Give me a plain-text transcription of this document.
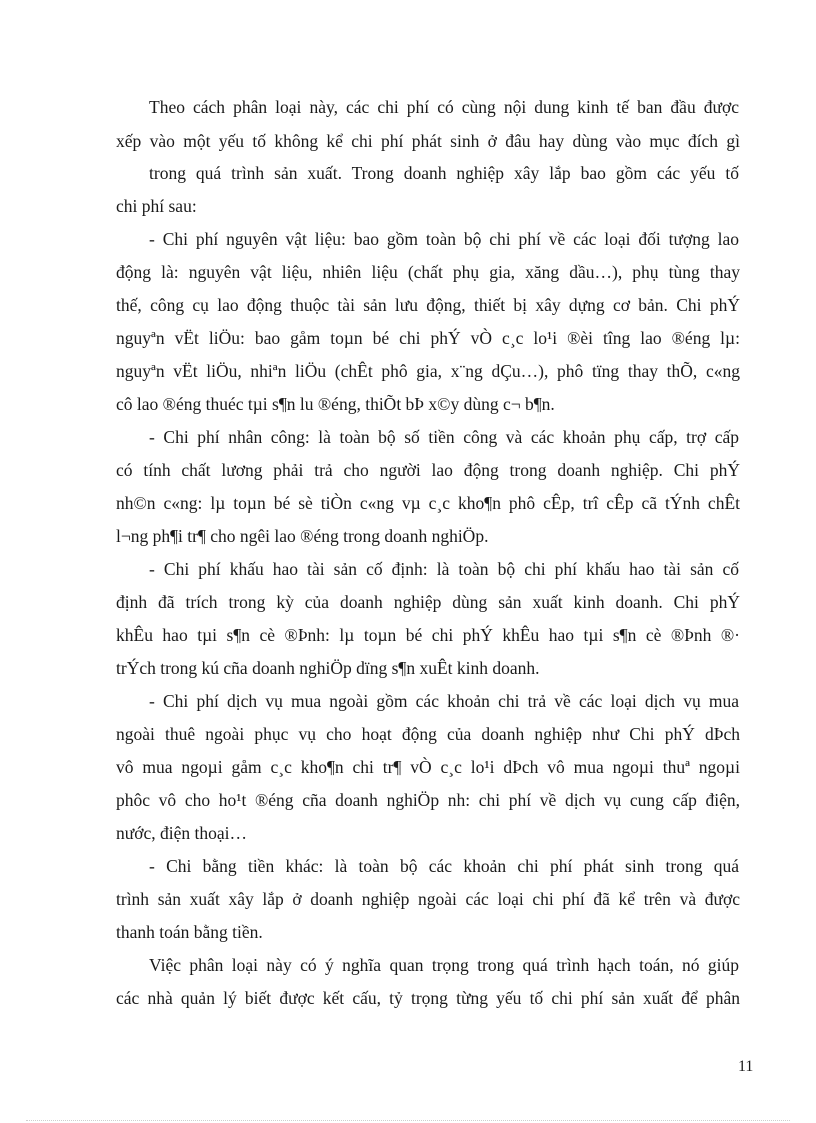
Theo cách phân loại này, các chi phí có cùng nội dung kinh tế ban đầu được

xếp vào một yếu tố không kể chi phí phát sinh ở đâu hay dùng vào mục đích gì

trong quá trình sản xuất. Trong doanh nghiệp xây lắp bao gồm các yếu tố

chi phí sau:

- Chi phí nguyên vật liệu: bao gồm toàn bộ chi phí về các loại đối tượng lao

động là: nguyên vật liệu, nhiên liệu (chất phụ gia, xăng dầu…), phụ tùng thay

thế, công cụ lao động thuộc tài sản lưu động, thiết bị xây dựng cơ bản. Chi phÝ

nguyªn vËt liÖu: bao gåm toµn bé chi phÝ vÒ c¸c lo¹i ®èi tîng lao ®éng lµ:

nguyªn vËt liÖu, nhiªn liÖu (chÊt phô gia, x¨ng dÇu…), phô tïng thay thÕ, c«ng

cô lao ®éng thuéc tµi s¶n lu ®éng, thiÕt bÞ x©y dùng c¬ b¶n.

- Chi phí nhân công: là toàn bộ số tiền công và các khoản phụ cấp, trợ cấp

có tính chất lương phải trả cho người lao động trong doanh nghiệp. Chi phÝ

nh©n c«ng: lµ toµn bé sè tiÒn c«ng vµ c¸c kho¶n phô cÊp, trî cÊp cã tÝnh chÊt

l¬ng ph¶i tr¶ cho ngêi lao ®éng trong doanh nghiÖp.

- Chi phí khấu hao tài sản cố định: là toàn bộ chi phí khấu hao tài sản cố

định đã trích trong kỳ của doanh nghiệp dùng sản xuất kinh doanh. Chi phÝ

khÊu hao tµi s¶n cè ®Þnh: lµ toµn bé chi phÝ khÊu hao tµi s¶n cè ®Þnh ®·

trÝch trong kú cña doanh nghiÖp dïng s¶n xuÊt kinh doanh.

- Chi phí dịch vụ mua ngoài gồm các khoản chi trả về các loại dịch vụ mua

ngoài thuê ngoài phục vụ cho hoạt động của doanh nghiệp như Chi phÝ dÞch

vô mua ngoµi gåm c¸c kho¶n chi tr¶ vÒ c¸c lo¹i dÞch vô mua ngoµi thuª ngoµi

phôc vô cho ho¹t ®éng cña doanh nghiÖp nh: chi phí về dịch vụ cung cấp điện,

nước, điện thoại…

- Chi bằng tiền khác: là toàn bộ các khoản chi phí phát sinh trong quá

trình sản xuất xây lắp ở doanh nghiệp ngoài các loại chi phí đã kể trên và được

thanh toán bằng tiền.

Việc phân loại này có ý nghĩa quan trọng trong quá trình hạch toán, nó giúp

các nhà quản lý biết được kết cấu, tỷ trọng từng yếu tố chi phí sản xuất để phân

11
